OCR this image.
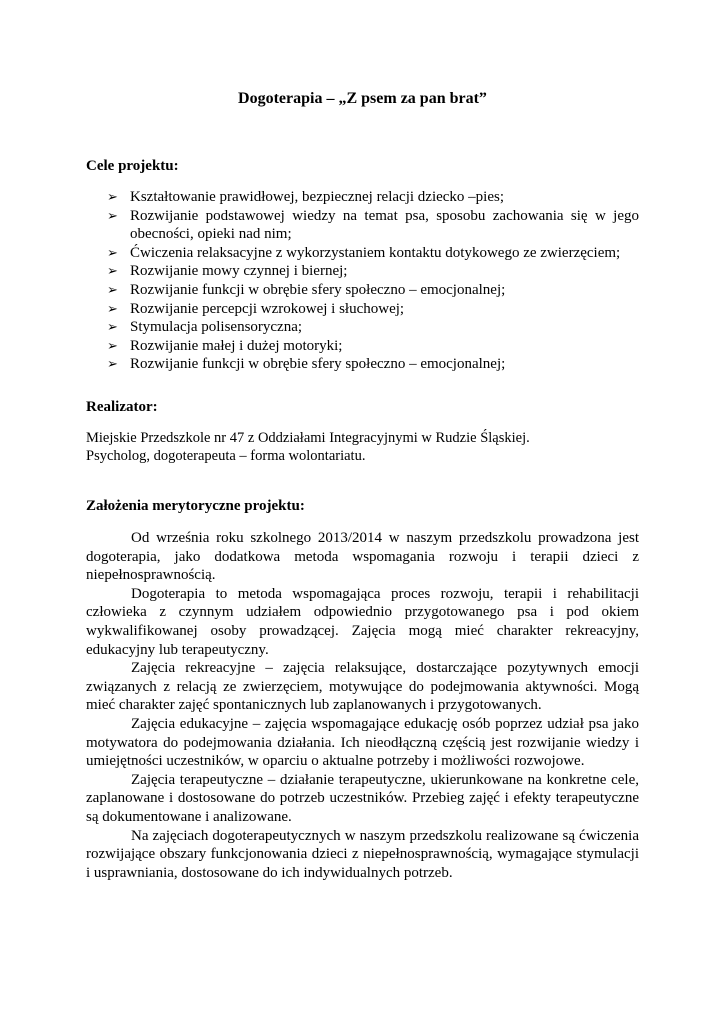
Dogoterapia – „Z psem za pan brat”
Cele projektu:
➢ Kształtowanie prawidłowej, bezpiecznej relacji dziecko –pies;
➢ Rozwijanie podstawowej wiedzy na temat psa, sposobu zachowania się w jego obecności, opieki nad nim;
➢ Ćwiczenia relaksacyjne z wykorzystaniem kontaktu dotykowego ze zwierzęciem;
➢ Rozwijanie mowy czynnej i biernej;
➢ Rozwijanie funkcji w obrębie sfery społeczno – emocjonalnej;
➢ Rozwijanie percepcji wzrokowej i słuchowej;
➢ Stymulacja polisensoryczna;
➢ Rozwijanie małej i dużej motoryki;
➢ Rozwijanie funkcji w obrębie sfery społeczno – emocjonalnej;
Realizator:

Miejskie Przedszkole nr 47 z Oddziałami Integracyjnymi w Rudzie Śląskiej.

Psycholog, dogoterapeuta – forma wolontariatu.

Założenia merytoryczne projektu:

Od września roku szkolnego 2013/2014 w naszym przedszkolu prowadzona jest dogoterapia, jako dodatkowa metoda wspomagania rozwoju i terapii dzieci z niepełnosprawnością.

Dogoterapia to metoda wspomagająca proces rozwoju, terapii i rehabilitacji człowieka z czynnym udziałem odpowiednio przygotowanego psa i pod okiem wykwalifikowanej osoby prowadzącej. Zajęcia mogą mieć charakter rekreacyjny, edukacyjny lub terapeutyczny.

Zajęcia rekreacyjne – zajęcia relaksujące, dostarczające pozytywnych emocji związanych z relacją ze zwierzęciem, motywujące do podejmowania aktywności. Mogą mieć charakter zajęć spontanicznych lub zaplanowanych i przygotowanych.

Zajęcia edukacyjne – zajęcia wspomagające edukację osób poprzez udział psa jako motywatora do podejmowania działania. Ich nieodłączną częścią jest rozwijanie wiedzy i umiejętności uczestników, w oparciu o aktualne potrzeby i możliwości rozwojowe.

Zajęcia terapeutyczne – działanie terapeutyczne, ukierunkowane na konkretne cele, zaplanowane i dostosowane do potrzeb uczestników. Przebieg zajęć i efekty terapeutyczne są dokumentowane i analizowane.

Na zajęciach dogoterapeutycznych w naszym przedszkolu realizowane są ćwiczenia rozwijające obszary funkcjonowania dzieci z niepełnosprawnością, wymagające stymulacji i usprawniania, dostosowane do ich indywidualnych potrzeb.
